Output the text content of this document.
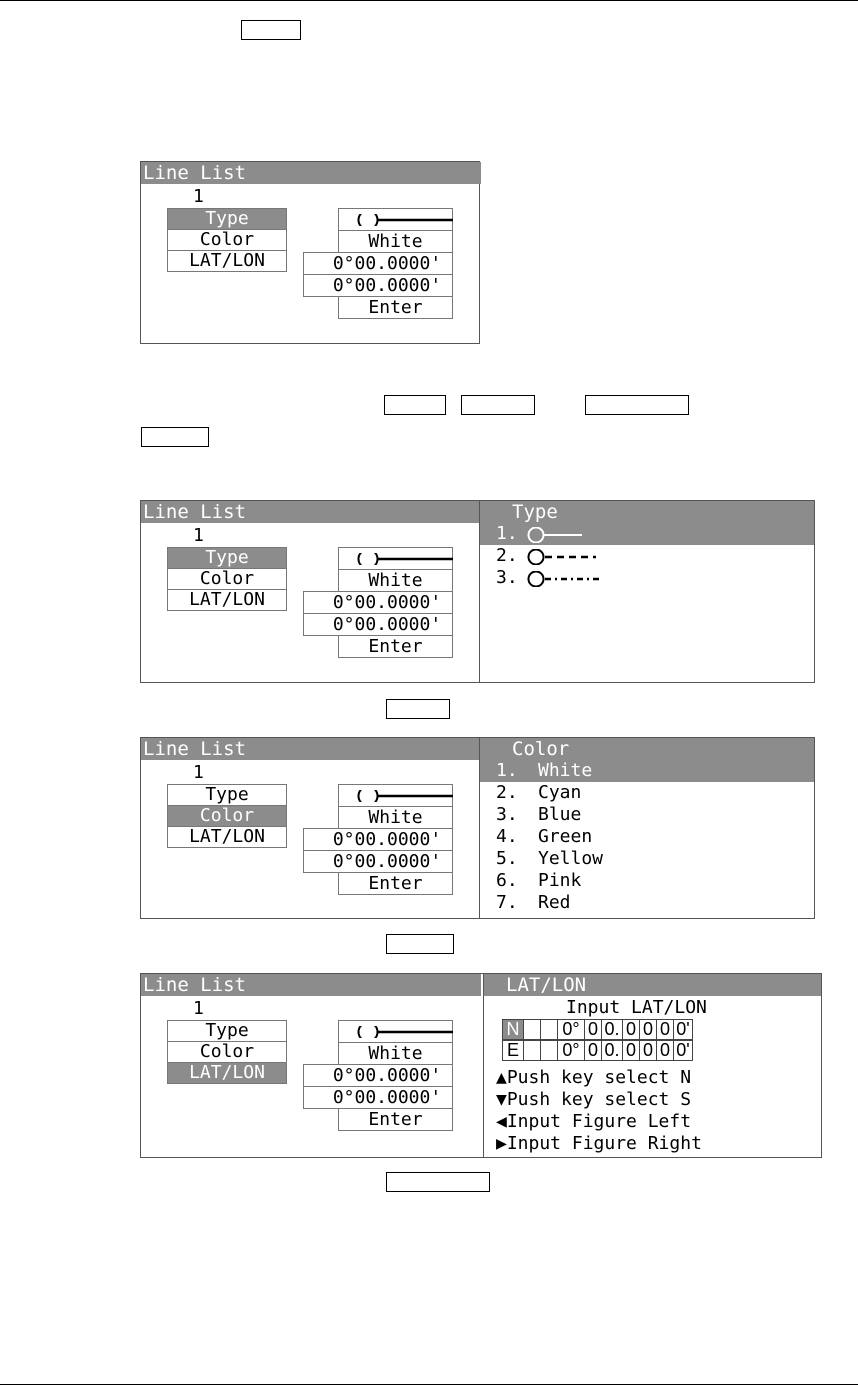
Line List
1
Type
Color
LAT/LON
White
0°00.0000'
0°00.0000'
Enter
Line List
1
Type
Color
LAT/LON
White
0°00.0000'
0°00.0000'
Enter
Type
1.
2.
3.
Line List
1
Type
Color
LAT/LON
White
0°00.0000'
0°00.0000'
Enter
Color
1. White
2. Cyan
3. Blue
4. Green
5. Yellow
6. Pink
7. Red
Line List
1
Type
Color
LAT/LON
White
0°00.0000'
0°00.0000'
Enter
LAT/LON
Input LAT/LON
N 0° 0 0. 0 0 0 0'
E 0° 0 0. 0 0 0 0'
▲Push key select N
▼Push key select S
◀Input Figure Left
▶Input Figure Right
